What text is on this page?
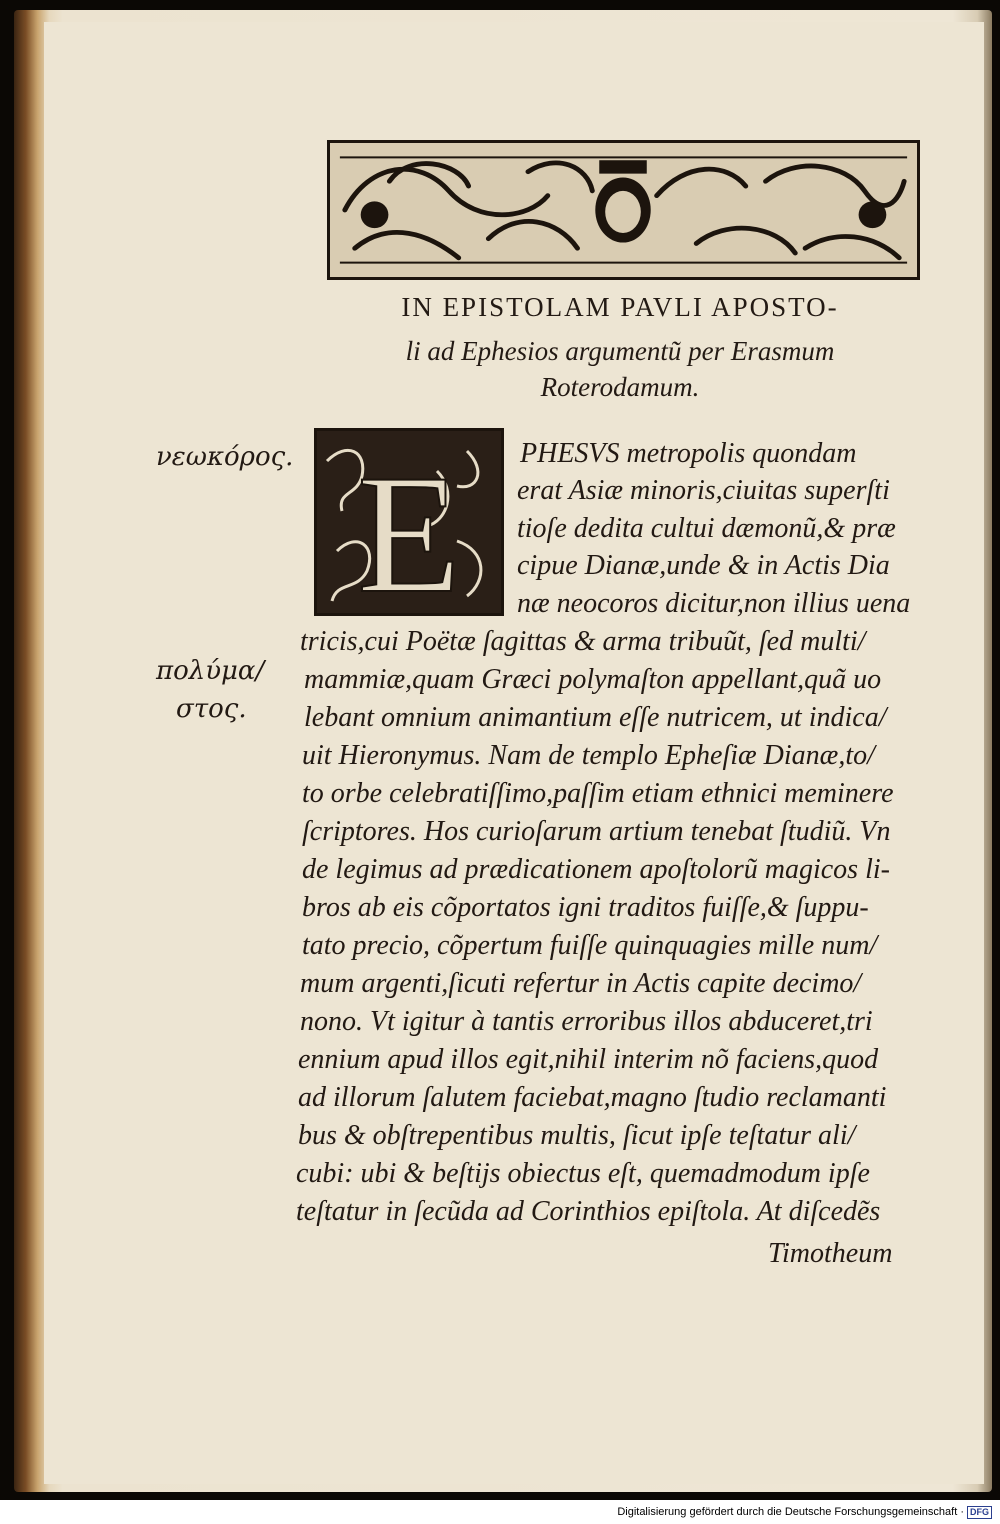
IN EPISTOLAM PAVLI APOSTO-
li ad Ephesios argumentũ per Erasmum
Roterodamum.
E
νεωκόρος.
πολύμα/
στος.
PHESVS metropolis quondam
erat Asiæ minoris,ciuitas superſti
tioſe dedita cultui dæmonũ,& præ
cipue Dianæ,unde & in Actis Dia
næ neocoros dicitur,non illius uena
tricis,cui Poëtæ ſagittas & arma tribuũt, ſed multi/
mammiæ,quam Græci polymaſton appellant,quã uo
lebant omnium animantium eſſe nutricem, ut indica/
uit Hieronymus. Nam de templo Epheſiæ Dianæ,to/
to orbe celebratiſſimo,paſſim etiam ethnici meminere
ſcriptores. Hos curioſarum artium tenebat ſtudiũ. Vn
de legimus ad prædicationem apoſtolorũ magicos li-
bros ab eis cõportatos igni traditos fuiſſe,& ſuppu-
tato precio, cõpertum fuiſſe quinquagies mille num/
mum argenti,ſicuti refertur in Actis capite decimo/
nono. Vt igitur à tantis erroribus illos abduceret,tri
ennium apud illos egit,nihil interim nõ faciens,quod
ad illorum ſalutem faciebat,magno ſtudio reclamanti
bus & obſtrepentibus multis, ſicut ipſe teſtatur ali/
cubi: ubi & beſtijs obiectus eſt, quemadmodum ipſe
teſtatur in ſecũda ad Corinthios epiſtola. At diſcedẽs
Timotheum
Digitalisierung gefördert durch die Deutsche Forschungsgemeinschaft · DFG
